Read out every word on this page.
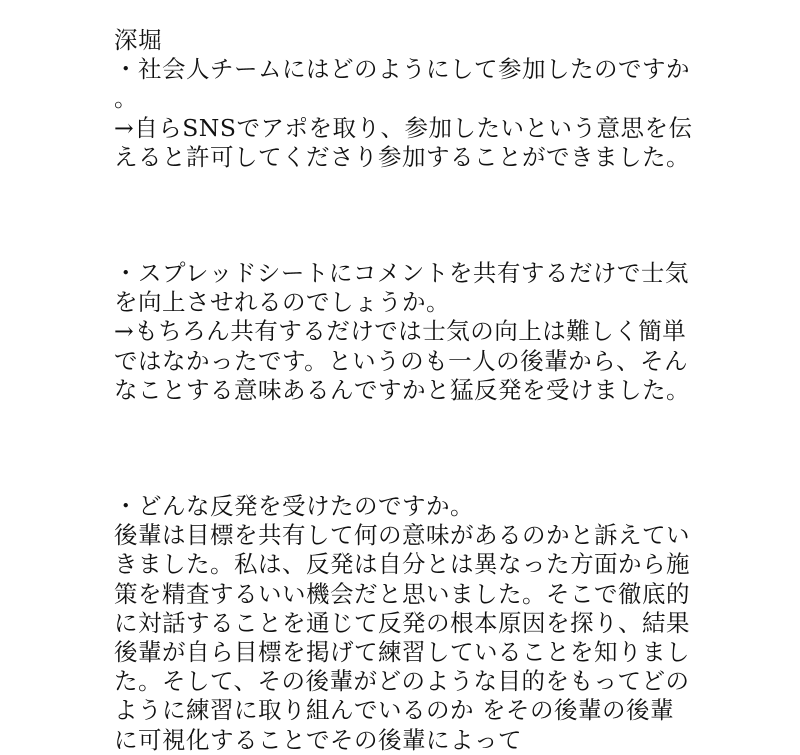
深堀

・社会人チームにはどのようにして参加したのですか。

→自らSNSでアポを取り、参加したいという意思を伝えると許可してくださり参加することができました。

・スプレッドシートにコメントを共有するだけで士気を向上させれるのでしょうか。

→もちろん共有するだけでは士気の向上は難しく簡単ではなかったです。というのも一人の後輩から、そんなことする意味あるんですかと猛反発を受けました。

・どんな反発を受けたのですか。

後輩は目標を共有して何の意味があるのかと訴えていきました。私は、反発は自分とは異なった方面から施策を精査するいい機会だと思いました。そこで徹底的に対話することを通じて反発の根本原因を探り、結果後輩が自ら目標を掲げて練習していることを知りました。そして、その後輩がどのような目的をもってどのように練習に取り組んでいるのか をその後輩の後輩に可視化することでその後輩によって
